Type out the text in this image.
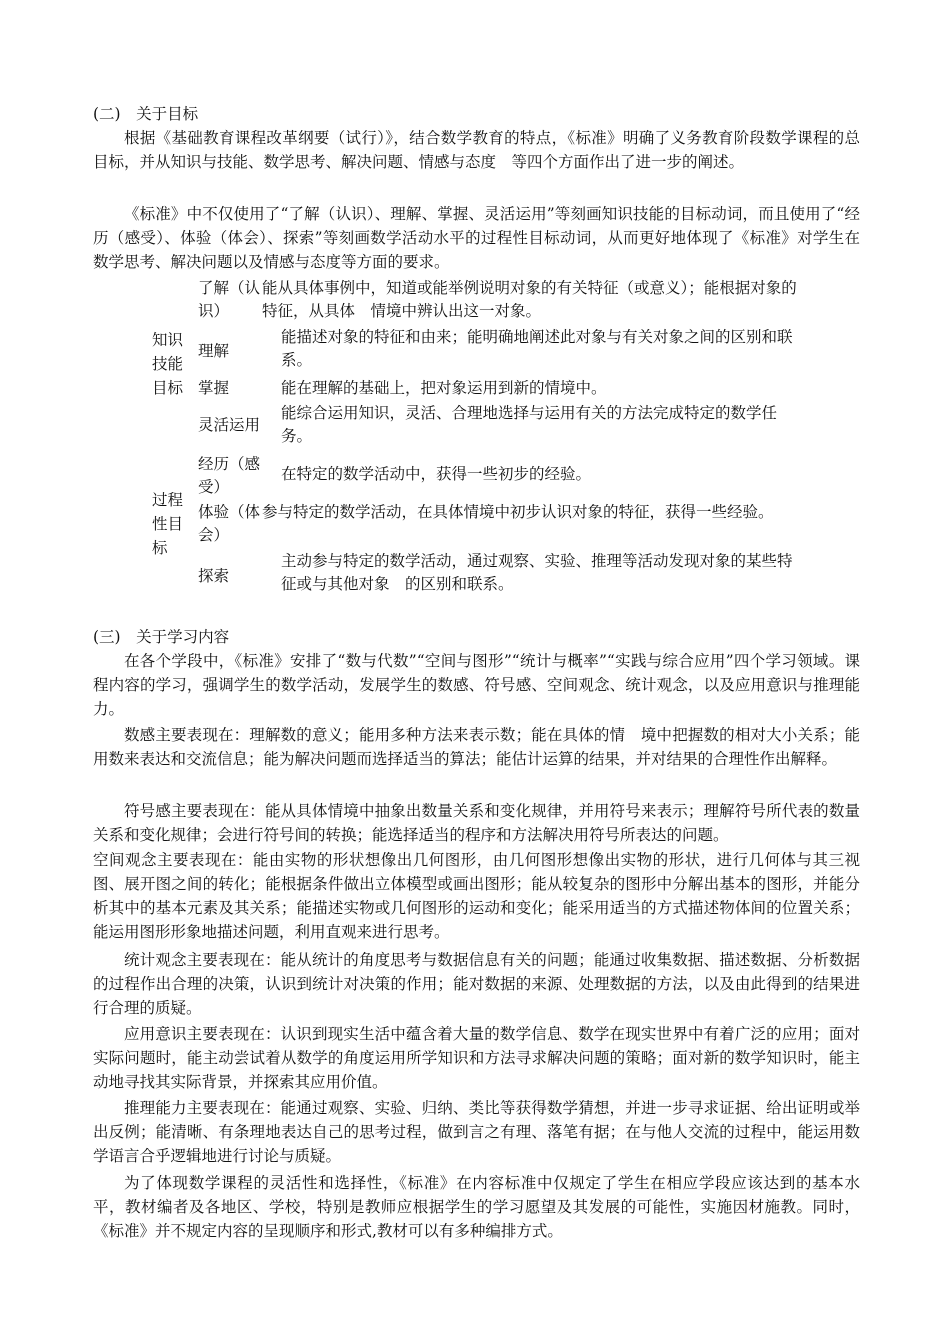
(二)　关于目标

根据《基础教育课程改革纲要（试行）》，结合数学教育的特点，《标准》明确了义务教育阶段数学课程的总目标，并从知识与技能、数学思考、解决问题、情感与态度　等四个方面作出了进一步的阐述。

《标准》中不仅使用了“了解（认识）、理解、掌握、灵活运用”等刻画知识技能的目标动词，而且使用了“经历（感受）、体验（体会）、探索”等刻画数学活动水平的过程性目标动词，从而更好地体现了《标准》对学生在数学思考、解决问题以及情感与态度等方面的要求。

知识技能目标
了解（认识）
能从具体事例中，知道或能举例说明对象的有关特征（或意义）；能根据对象的特征，从具体　情境中辨认出这一对象。
理解
能描述对象的特征和由来；能明确地阐述此对象与有关对象之间的区别和联系。
掌握	能在理解的基础上，把对象运用到新的情境中。
灵活运用
能综合运用知识，灵活、合理地选择与运用有关的方法完成特定的数学任务。
过程性目标
经历（感受）
在特定的数学活动中，获得一些初步的经验。
体验（体会）
参与特定的数学活动，在具体情境中初步认识对象的特征，获得一些经验。
探索
主动参与特定的数学活动，通过观察、实验、推理等活动发现对象的某些特征或与其他对象　的区别和联系。
(三)　关于学习内容

在各个学段中，《标准》安排了“数与代数”“空间与图形”“统计与概率”“实践与综合应用”四个学习领域。课程内容的学习，强调学生的数学活动，发展学生的数感、符号感、空间观念、统计观念，以及应用意识与推理能力。

数感主要表现在：理解数的意义；能用多种方法来表示数；能在具体的情　境中把握数的相对大小关系；能用数来表达和交流信息；能为解决问题而选择适当的算法；能估计运算的结果，并对结果的合理性作出解释。

符号感主要表现在：能从具体情境中抽象出数量关系和变化规律，并用符号来表示；理解符号所代表的数量关系和变化规律；会进行符号间的转换；能选择适当的程序和方法解决用符号所表达的问题。

空间观念主要表现在：能由实物的形状想像出几何图形，由几何图形想像出实物的形状，进行几何体与其三视图、展开图之间的转化；能根据条件做出立体模型或画出图形；能从较复杂的图形中分解出基本的图形，并能分析其中的基本元素及其关系；能描述实物或几何图形的运动和变化；能采用适当的方式描述物体间的位置关系；能运用图形形象地描述问题，利用直观来进行思考。

统计观念主要表现在：能从统计的角度思考与数据信息有关的问题；能通过收集数据、描述数据、分析数据的过程作出合理的决策，认识到统计对决策的作用；能对数据的来源、处理数据的方法，以及由此得到的结果进行合理的质疑。

应用意识主要表现在：认识到现实生活中蕴含着大量的数学信息、数学在现实世界中有着广泛的应用；面对实际问题时，能主动尝试着从数学的角度运用所学知识和方法寻求解决问题的策略；面对新的数学知识时，能主动地寻找其实际背景，并探索其应用价值。

推理能力主要表现在：能通过观察、实验、归纳、类比等获得数学猜想，并进一步寻求证据、给出证明或举出反例；能清晰、有条理地表达自己的思考过程，做到言之有理、落笔有据；在与他人交流的过程中，能运用数学语言合乎逻辑地进行讨论与质疑。

为了体现数学课程的灵活性和选择性，《标准》在内容标准中仅规定了学生在相应学段应该达到的基本水平，教材编者及各地区、学校，特别是教师应根据学生的学习愿望及其发展的可能性，实施因材施教。同时，《标准》并不规定内容的呈现顺序和形式,教材可以有多种编排方式。
